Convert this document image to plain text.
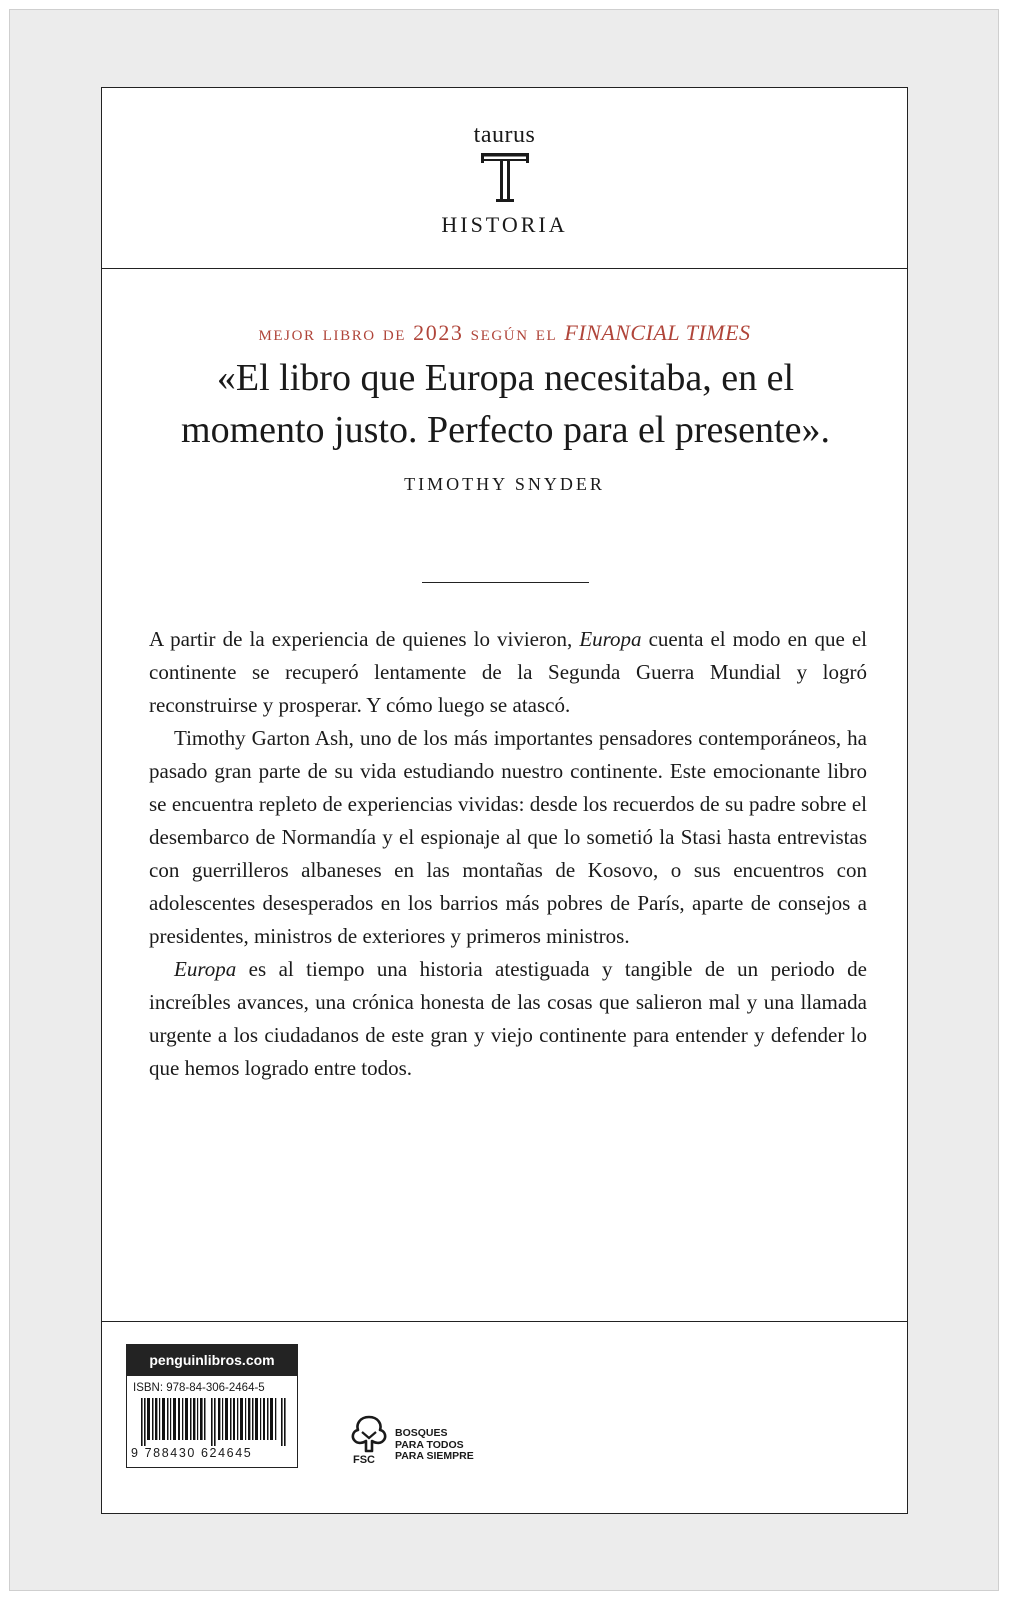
taurus
HISTORIA
mejor libro de 2023 según el FINANCIAL TIMES
«El libro que Europa necesitaba, en el momento justo. Perfecto para el presente».
TIMOTHY SNYDER

A partir de la experiencia de quienes lo vivieron, Europa cuenta el modo en que el continente se recuperó lentamente de la Segunda Guerra Mundial y logró reconstruirse y prosperar. Y cómo luego se atascó.

Timothy Garton Ash, uno de los más importantes pensadores contemporáneos, ha pasado gran parte de su vida estudiando nuestro continente. Este emocionante libro se encuentra repleto de experiencias vividas: desde los recuerdos de su padre sobre el desembarco de Normandía y el espionaje al que lo sometió la Stasi hasta entrevistas con guerrilleros albaneses en las montañas de Kosovo, o sus encuentros con adolescentes desesperados en los barrios más pobres de París, aparte de consejos a presidentes, ministros de exteriores y primeros ministros.

Europa es al tiempo una historia atestiguada y tangible de un periodo de increíbles avances, una crónica honesta de las cosas que salieron mal y una llamada urgente a los ciudadanos de este gran y viejo continente para entender y defender lo que hemos logrado entre todos.

penguinlibros.com
ISBN: 978-84-306-2464-5
9 788430 624645	FSC
BOSQUES
PARA TODOS
PARA SIEMPRE
